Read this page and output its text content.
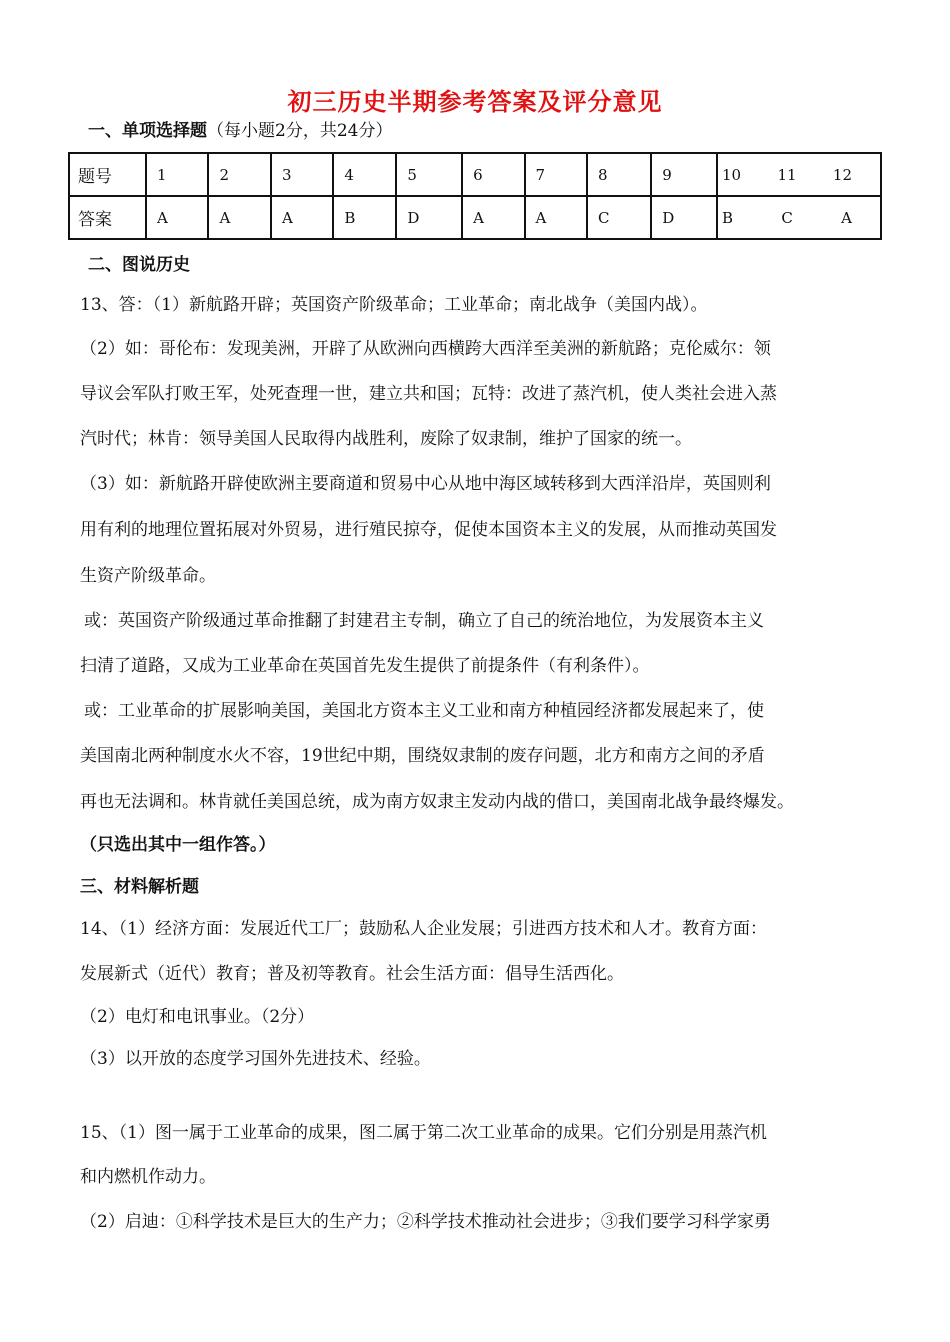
初三历史半期参考答案及评分意见
一、单项选择题（每小题2分，共24分）
题号	1	2	3	4	5	6	7	8	9	10 11 12

答案	A	A	A	B	D	A	A	C	D	B C A
二、图说历史
13、答：（1）新航路开辟；英国资产阶级革命；工业革命；南北战争（美国内战）。
（2）如：哥伦布：发现美洲，开辟了从欧洲向西横跨大西洋至美洲的新航路；克伦威尔：领
导议会军队打败王军，处死查理一世，建立共和国；瓦特：改进了蒸汽机，使人类社会进入蒸
汽时代；林肯：领导美国人民取得内战胜利，废除了奴隶制，维护了国家的统一。
（3）如：新航路开辟使欧洲主要商道和贸易中心从地中海区域转移到大西洋沿岸，英国则利
用有利的地理位置拓展对外贸易，进行殖民掠夺，促使本国资本主义的发展，从而推动英国发
生资产阶级革命。
或：英国资产阶级通过革命推翻了封建君主专制，确立了自己的统治地位，为发展资本主义
扫清了道路，又成为工业革命在英国首先发生提供了前提条件（有利条件）。
或：工业革命的扩展影响美国，美国北方资本主义工业和南方种植园经济都发展起来了，使
美国南北两种制度水火不容，19世纪中期，围绕奴隶制的废存问题，北方和南方之间的矛盾
再也无法调和。林肯就任美国总统，成为南方奴隶主发动内战的借口，美国南北战争最终爆发。
（只选出其中一组作答。）
三、材料解析题
14、（1）经济方面：发展近代工厂；鼓励私人企业发展；引进西方技术和人才。教育方面：
发展新式（近代）教育；普及初等教育。社会生活方面：倡导生活西化。
（2）电灯和电讯事业。（2分）
（3）以开放的态度学习国外先进技术、经验。
15、（1）图一属于工业革命的成果，图二属于第二次工业革命的成果。它们分别是用蒸汽机
和内燃机作动力。
（2）启迪：①科学技术是巨大的生产力；②科学技术推动社会进步；③我们要学习科学家勇
